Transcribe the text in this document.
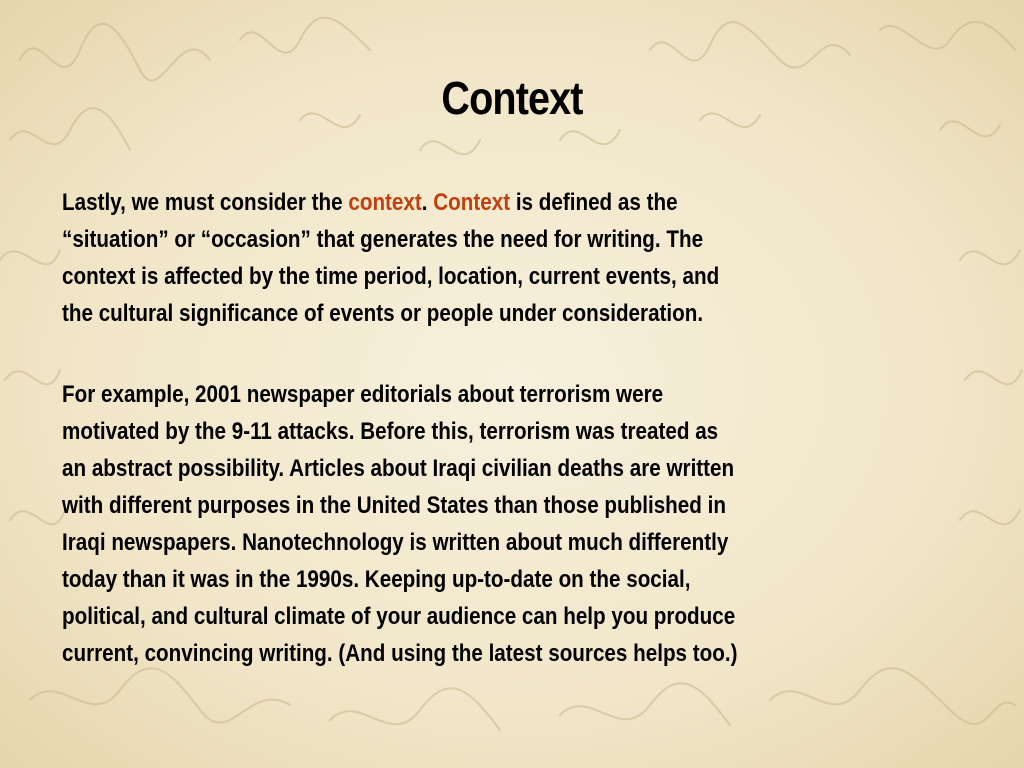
Context

Lastly, we must consider the context. Context is defined as the
“situation” or “occasion” that generates the need for writing. The
context is affected by the time period, location, current events, and
the cultural significance of events or people under consideration.

For example, 2001 newspaper editorials about terrorism were
motivated by the 9-11 attacks. Before this, terrorism was treated as
an abstract possibility. Articles about Iraqi civilian deaths are written
with different purposes in the United States than those published in
Iraqi newspapers. Nanotechnology is written about much differently
today than it was in the 1990s. Keeping up-to-date on the social,
political, and cultural climate of your audience can help you produce
current, convincing writing. (And using the latest sources helps too.)
